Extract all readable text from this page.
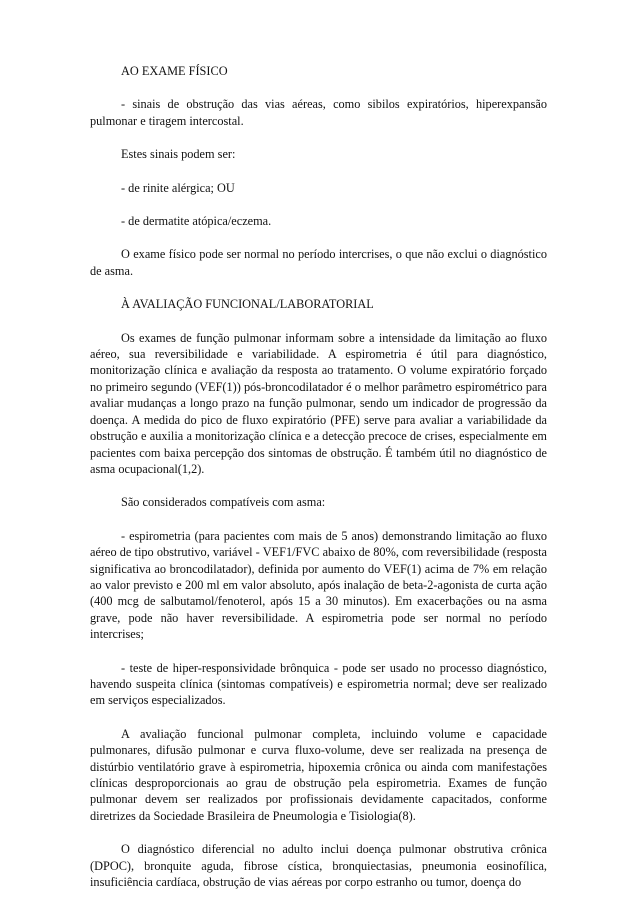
AO EXAME FÍSICO

- sinais de obstrução das vias aéreas, como sibilos expiratórios, hiperexpansão pulmonar e tiragem intercostal.

Estes sinais podem ser:

- de rinite alérgica; OU

- de dermatite atópica/eczema.

O exame físico pode ser normal no período intercrises, o que não exclui o diagnóstico de asma.

À AVALIAÇÃO FUNCIONAL/LABORATORIAL

Os exames de função pulmonar informam sobre a intensidade da limitação ao fluxo aéreo, sua reversibilidade e variabilidade. A espirometria é útil para diagnóstico, monitorização clínica e avaliação da resposta ao tratamento. O volume expiratório forçado no primeiro segundo (VEF(1)) pós-broncodilatador é o melhor parâmetro espirométrico para avaliar mudanças a longo prazo na função pulmonar, sendo um indicador de progressão da doença. A medida do pico de fluxo expiratório (PFE) serve para avaliar a variabilidade da obstrução e auxilia a monitorização clínica e a detecção precoce de crises, especialmente em pacientes com baixa percepção dos sintomas de obstrução. É também útil no diagnóstico de asma ocupacional(1,2).

São considerados compatíveis com asma:

- espirometria (para pacientes com mais de 5 anos) demonstrando limitação ao fluxo aéreo de tipo obstrutivo, variável - VEF1/FVC abaixo de 80%, com reversibilidade (resposta significativa ao broncodilatador), definida por aumento do VEF(1) acima de 7% em relação ao valor previsto e 200 ml em valor absoluto, após inalação de beta-2-agonista de curta ação (400 mcg de salbutamol/fenoterol, após 15 a 30 minutos). Em exacerbações ou na asma grave, pode não haver reversibilidade. A espirometria pode ser normal no período intercrises;

- teste de hiper-responsividade brônquica - pode ser usado no processo diagnóstico, havendo suspeita clínica (sintomas compatíveis) e espirometria normal; deve ser realizado em serviços especializados.

A avaliação funcional pulmonar completa, incluindo volume e capacidade pulmonares, difusão pulmonar e curva fluxo-volume, deve ser realizada na presença de distúrbio ventilatório grave à espirometria, hipoxemia crônica ou ainda com manifestações clínicas desproporcionais ao grau de obstrução pela espirometria. Exames de função pulmonar devem ser realizados por profissionais devidamente capacitados, conforme diretrizes da Sociedade Brasileira de Pneumologia e Tisiologia(8).

O diagnóstico diferencial no adulto inclui doença pulmonar obstrutiva crônica (DPOC), bronquite aguda, fibrose cística, bronquiectasias, pneumonia eosinofílica, insuficiência cardíaca, obstrução de vias aéreas por corpo estranho ou tumor, doença do
